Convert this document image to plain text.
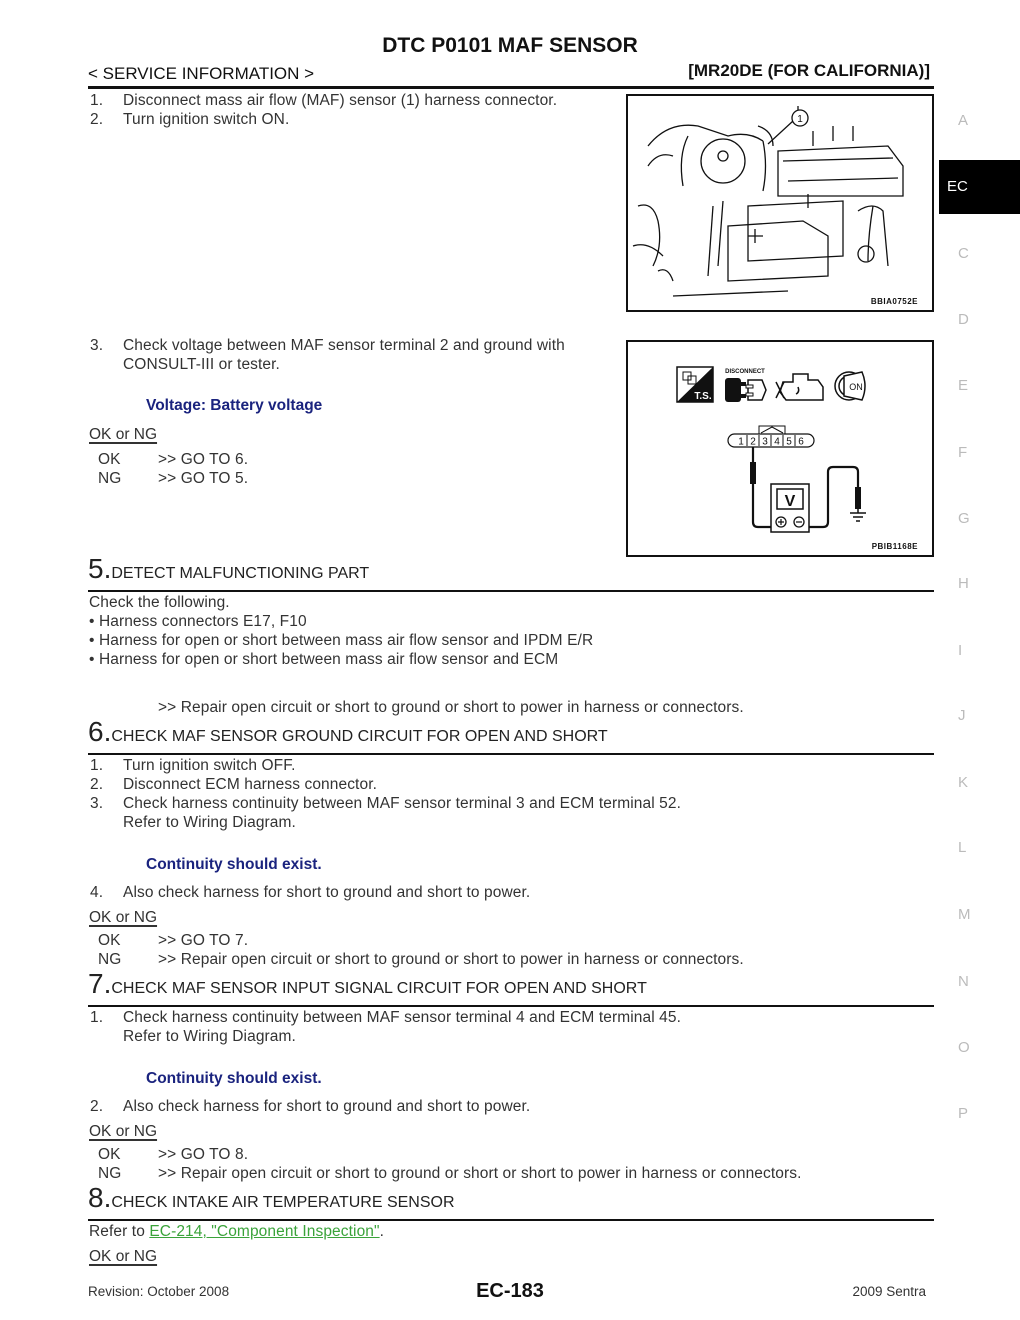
DTC P0101 MAF SENSOR
< SERVICE INFORMATION >	[MR20DE (FOR CALIFORNIA)]
1. Disconnect mass air flow (MAF) sensor (1) harness connector.
2. Turn ignition switch ON.
3. Check voltage between MAF sensor terminal 2 and ground with
CONSULT-III or tester.
Voltage: Battery voltage
OK or NG
OK >> GO TO 6.
NG >> GO TO 5.
1
BBIA0752E
T.S.
DISCONNECT
ON
1 2 3 4 5 6
V
PBIB1168E
5.DETECT MALFUNCTIONING PART
Check the following.
• Harness connectors E17, F10
• Harness for open or short between mass air flow sensor and IPDM E/R
• Harness for open or short between mass air flow sensor and ECM
>> Repair open circuit or short to ground or short to power in harness or connectors.
6.CHECK MAF SENSOR GROUND CIRCUIT FOR OPEN AND SHORT
1. Turn ignition switch OFF.
2. Disconnect ECM harness connector.
3. Check harness continuity between MAF sensor terminal 3 and ECM terminal 52.
Refer to Wiring Diagram.
Continuity should exist.
4. Also check harness for short to ground and short to power.
OK or NG
OK >> GO TO 7.
NG >> Repair open circuit or short to ground or short to power in harness or connectors.
7.CHECK MAF SENSOR INPUT SIGNAL CIRCUIT FOR OPEN AND SHORT
1. Check harness continuity between MAF sensor terminal 4 and ECM terminal 45.
Refer to Wiring Diagram.
Continuity should exist.
2. Also check harness for short to ground and short to power.
OK or NG
OK >> GO TO 8.
NG >> Repair open circuit or short to ground or short or short to power in harness or connectors.
8.CHECK INTAKE AIR TEMPERATURE SENSOR
Refer to EC-214, "Component Inspection".
OK or NG
EC
A
C
D
E
F
G
H
I
J
K
L
M
N
O
P
Revision: October 2008	EC-183	2009 Sentra
